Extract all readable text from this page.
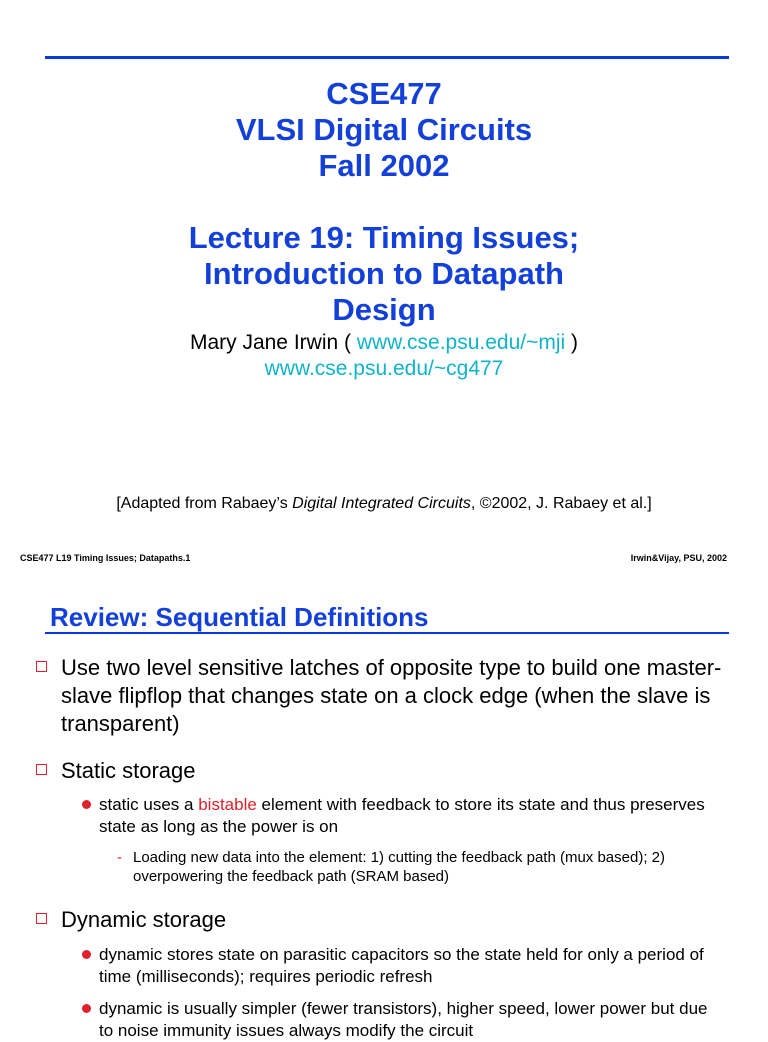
CSE477
VLSI Digital Circuits
Fall 2002
Lecture 19: Timing Issues;
Introduction to Datapath
Design
Mary Jane Irwin ( www.cse.psu.edu/~mji )
www.cse.psu.edu/~cg477
[Adapted from Rabaey’s Digital Integrated Circuits, ©2002, J. Rabaey et al.]
CSE477 L19 Timing Issues; Datapaths.1	Irwin&Vijay, PSU, 2002
Review: Sequential Definitions
Use two level sensitive latches of opposite type to build one master-slave flipflop that changes state on a clock edge (when the slave is transparent)
Static storage
static uses a bistable element with feedback to store its state and thus preserves state as long as the power is on
- Loading new data into the element: 1) cutting the feedback path (mux based); 2) overpowering the feedback path (SRAM based)
Dynamic storage
dynamic stores state on parasitic capacitors so the state held for only a period of time (milliseconds); requires periodic refresh
dynamic is usually simpler (fewer transistors), higher speed, lower power but due to noise immunity issues always modify the circuit
